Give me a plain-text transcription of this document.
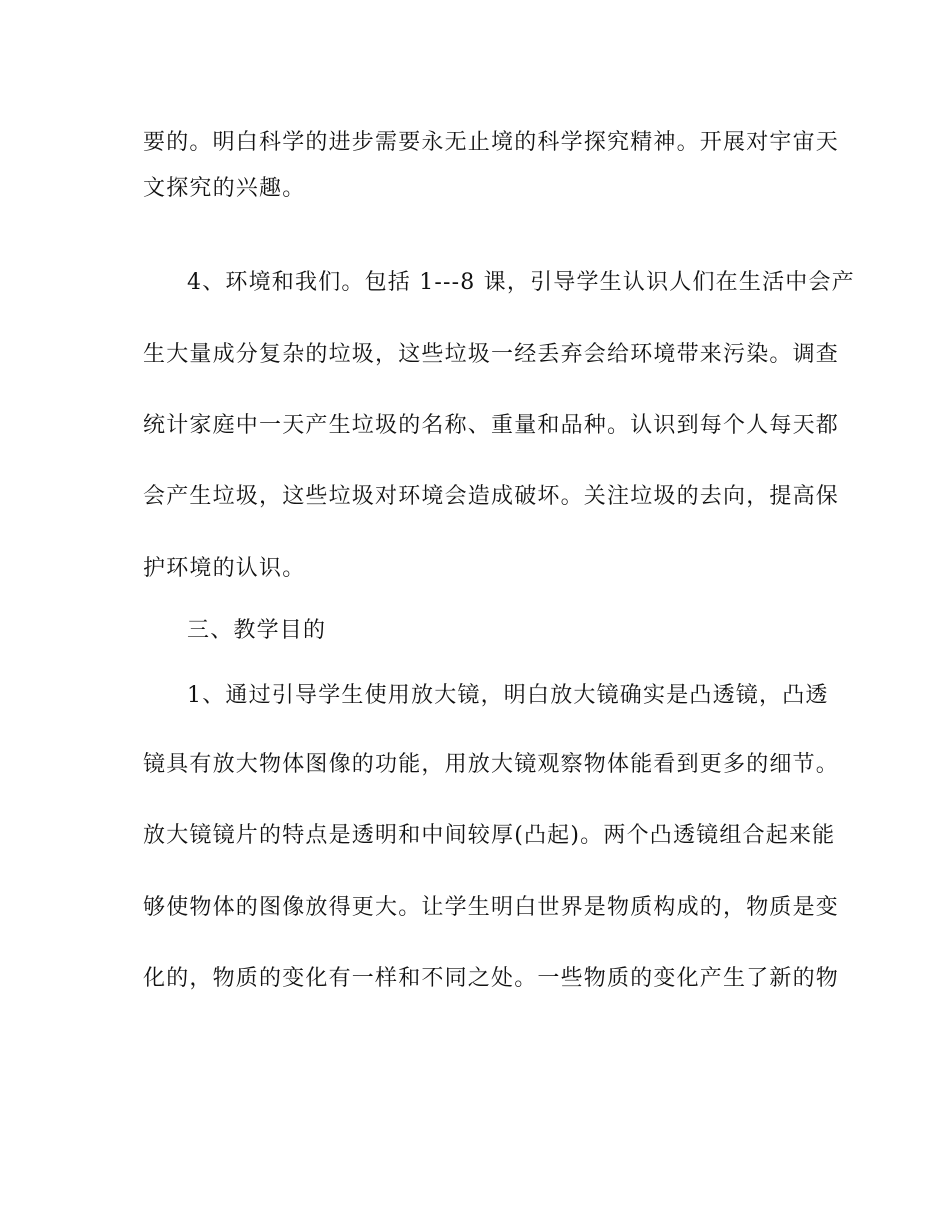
要的。明白科学的进步需要永无止境的科学探究精神。开展对宇宙天
文探究的兴趣。
4、环境和我们。包括 1---8 课，引导学生认识人们在生活中会产
生大量成分复杂的垃圾，这些垃圾一经丢弃会给环境带来污染。调查
统计家庭中一天产生垃圾的名称、重量和品种。认识到每个人每天都
会产生垃圾，这些垃圾对环境会造成破坏。关注垃圾的去向，提高保
护环境的认识。
三、教学目的
1、通过引导学生使用放大镜，明白放大镜确实是凸透镜，凸透
镜具有放大物体图像的功能，用放大镜观察物体能看到更多的细节。
放大镜镜片的特点是透明和中间较厚(凸起)。两个凸透镜组合起来能
够使物体的图像放得更大。让学生明白世界是物质构成的，物质是变
化的，物质的变化有一样和不同之处。一些物质的变化产生了新的物
